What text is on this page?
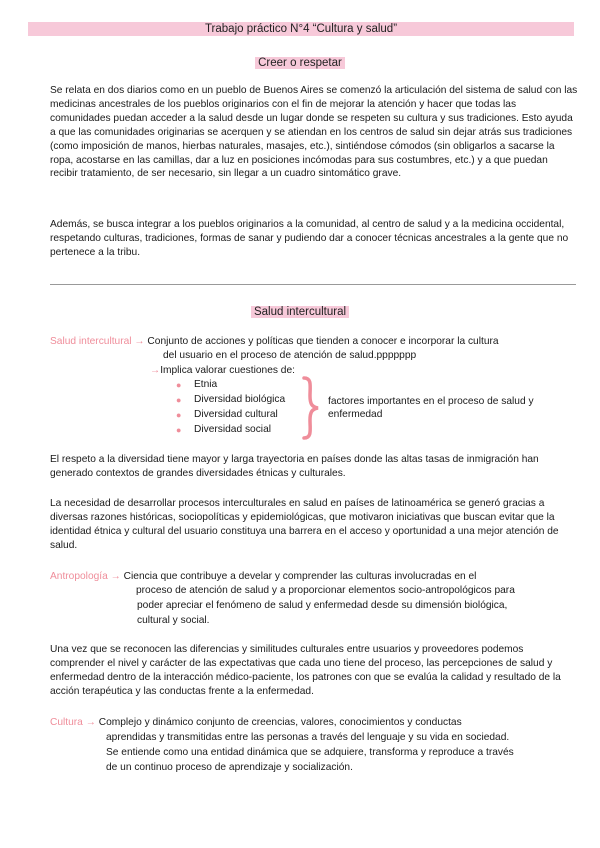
Trabajo práctico N°4 “Cultura y salud”
Creer o respetar
Se relata en dos diarios como en un pueblo de Buenos Aires se comenzó la articulación del sistema de salud con las medicinas ancestrales de los pueblos originarios con el fin de mejorar la atención y hacer que todas las comunidades puedan acceder a la salud desde un lugar donde se respeten su cultura y sus tradiciones. Esto ayuda a que las comunidades originarias se acerquen y se atiendan en los centros de salud sin dejar atrás sus tradiciones (como imposición de manos, hierbas naturales, masajes, etc.), sintiéndose cómodos (sin obligarlos a sacarse la ropa, acostarse en las camillas, dar a luz en posiciones incómodas para sus costumbres, etc.) y a que puedan recibir tratamiento, de ser necesario, sin llegar a un cuadro sintomático grave.
Además, se busca integrar a los pueblos originarios a la comunidad, al centro de salud y a la medicina occidental, respetando culturas, tradiciones, formas de sanar y pudiendo dar a conocer técnicas ancestrales a la gente que no pertenece a la tribu.
Salud intercultural
Salud intercultural → Conjunto de acciones y políticas que tienden a conocer e incorporar la cultura
del usuario en el proceso de atención de salud.ppppppp
→Implica valorar cuestiones de:
● Etnia
● Diversidad biológica
● Diversidad cultural
● Diversidad social
factores importantes en el proceso de salud y
enfermedad
El respeto a la diversidad tiene mayor y larga trayectoria en países donde las altas tasas de inmigración han generado contextos de grandes diversidades étnicas y culturales.
La necesidad de desarrollar procesos interculturales en salud en países de latinoamérica se generó gracias a diversas razones históricas, sociopolíticas y epidemiológicas, que motivaron iniciativas que buscan evitar que la identidad étnica y cultural del usuario constituya una barrera en el acceso y oportunidad a una mejor atención de salud.
Antropología → Ciencia que contribuye a develar y comprender las culturas involucradas en el
proceso de atención de salud y a proporcionar elementos socio-antropológicos para
poder apreciar el fenómeno de salud y enfermedad desde su dimensión biológica,
cultural y social.
Una vez que se reconocen las diferencias y similitudes culturales entre usuarios y proveedores podemos comprender el nivel y carácter de las expectativas que cada uno tiene del proceso, las percepciones de salud y enfermedad dentro de la interacción médico-paciente, los patrones con que se evalúa la calidad y resultado de la acción terapéutica y las conductas frente a la enfermedad.
Cultura → Complejo y dinámico conjunto de creencias, valores, conocimientos y conductas
aprendidas y transmitidas entre las personas a través del lenguaje y su vida en sociedad.
Se entiende como una entidad dinámica que se adquiere, transforma y reproduce a través
de un continuo proceso de aprendizaje y socialización.
